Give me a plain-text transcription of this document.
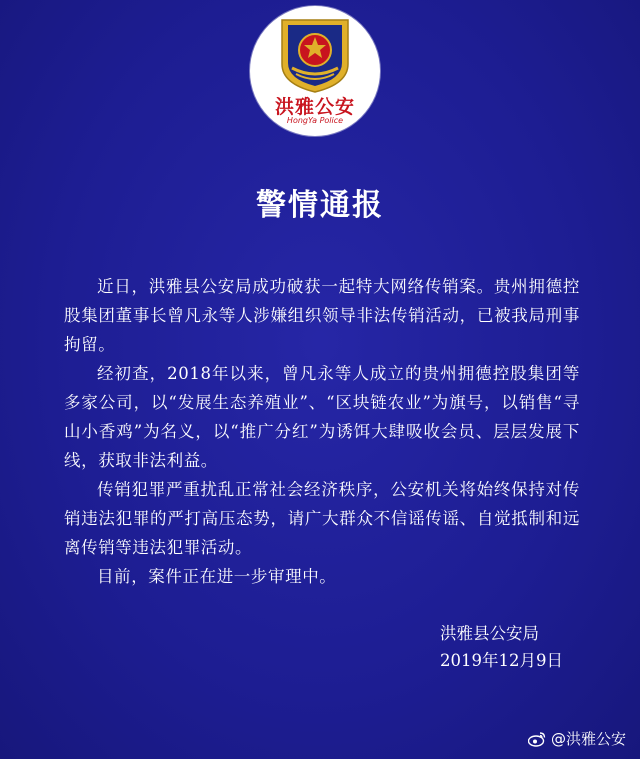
洪雅公安
HongYa Police
警情通报

近日，洪雅县公安局成功破获一起特大网络传销案。贵州拥德控股集团董事长曾凡永等人涉嫌组织领导非法传销活动，已被我局刑事拘留。

经初查，2018年以来，曾凡永等人成立的贵州拥德控股集团等多家公司，以“发展生态养殖业”、“区块链农业”为旗号，以销售“寻山小香鸡”为名义，以“推广分红”为诱饵大肆吸收会员、层层发展下线，获取非法利益。

传销犯罪严重扰乱正常社会经济秩序，公安机关将始终保持对传销违法犯罪的严打高压态势，请广大群众不信谣传谣、自觉抵制和远离传销等违法犯罪活动。

目前，案件正在进一步审理中。

洪雅县公安局
2019年12月9日
@洪雅公安
